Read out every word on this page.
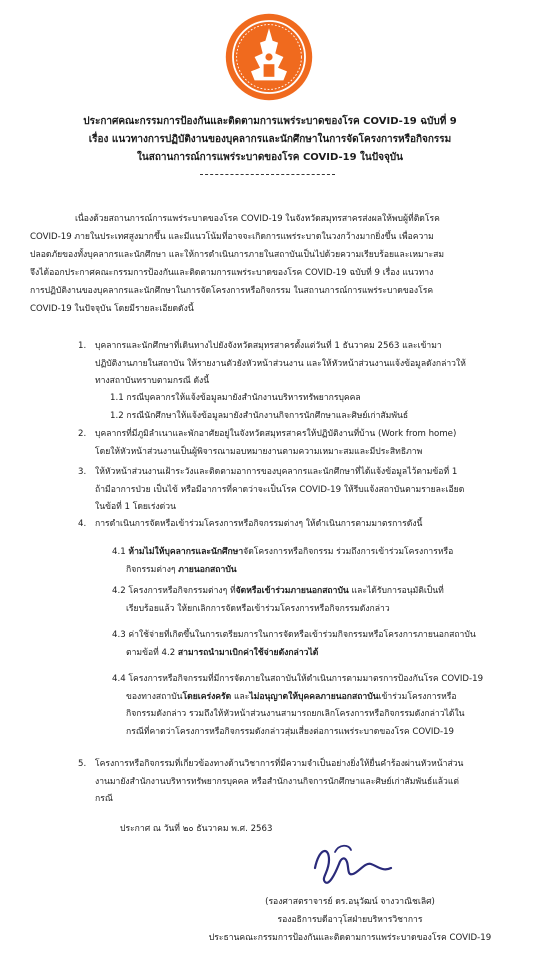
ประกาศคณะกรรมการป้องกันและติดตามการแพร่ระบาดของโรค COVID-19 ฉบับที่ 9
เรื่อง แนวทางการปฏิบัติงานของบุคลากรและนักศึกษาในการจัดโครงการหรือกิจกรรม
ในสถานการณ์การแพร่ระบาดของโรค COVID-19 ในปัจจุบัน
เนื่องด้วยสถานการณ์การแพร่ระบาดของโรค COVID-19 ในจังหวัดสมุทรสาครส่งผลให้พบผู้ที่ติดโรค
COVID-19 ภายในประเทศสูงมากขึ้น และมีแนวโน้มที่อาจจะเกิดการแพร่ระบาดในวงกว้างมากยิ่งขึ้น เพื่อความ
ปลอดภัยของทั้งบุคลากรและนักศึกษา และให้การดำเนินการภายในสถาบันเป็นไปด้วยความเรียบร้อยและเหมาะสม
จึงได้ออกประกาศคณะกรรมการป้องกันและติดตามการแพร่ระบาดของโรค COVID-19 ฉบับที่ 9 เรื่อง แนวทาง
การปฏิบัติงานของบุคลากรและนักศึกษาในการจัดโครงการหรือกิจกรรม ในสถานการณ์การแพร่ระบาดของโรค
COVID-19 ในปัจจุบัน โดยมีรายละเอียดดังนี้
1. บุคลากรและนักศึกษาที่เดินทางไปยังจังหวัดสมุทรสาครตั้งแต่วันที่ 1 ธันวาคม 2563 และเข้ามา
ปฏิบัติงานภายในสถาบัน ให้รายงานตัวยังหัวหน้าส่วนงาน และให้หัวหน้าส่วนงานแจ้งข้อมูลดังกล่าวให้
ทางสถาบันทราบตามกรณี ดังนี้
1.1 กรณีบุคลากรให้แจ้งข้อมูลมายังสำนักงานบริหารทรัพยากรบุคคล
1.2 กรณีนักศึกษาให้แจ้งข้อมูลมายังสำนักงานกิจการนักศึกษาและศิษย์เก่าสัมพันธ์
2. บุคลากรที่มีภูมิลำเนาและพักอาศัยอยู่ในจังหวัดสมุทรสาครให้ปฏิบัติงานที่บ้าน (Work from home)
โดยให้หัวหน้าส่วนงานเป็นผู้พิจารณามอบหมายงานตามความเหมาะสมและมีประสิทธิภาพ
3. ให้หัวหน้าส่วนงานเฝ้าระวังและติดตามอาการของบุคลากรและนักศึกษาที่ได้แจ้งข้อมูลไว้ตามข้อที่ 1
ถ้ามีอาการป่วย เป็นไข้ หรือมีอาการที่คาดว่าจะเป็นโรค COVID-19 ให้รีบแจ้งสถาบันตามรายละเอียด
ในข้อที่ 1 โดยเร่งด่วน
4. การดำเนินการจัดหรือเข้าร่วมโครงการหรือกิจกรรมต่างๆ ให้ดำเนินการตามมาตรการดังนี้
4.1 ห้ามไม่ให้บุคลากรและนักศึกษาจัดโครงการหรือกิจกรรม ร่วมถึงการเข้าร่วมโครงการหรือ
กิจกรรมต่างๆ ภายนอกสถาบัน
4.2 โครงการหรือกิจกรรมต่างๆ ที่จัดหรือเข้าร่วมภายนอกสถาบัน และได้รับการอนุมัติเป็นที่
เรียบร้อยแล้ว ให้ยกเลิกการจัดหรือเข้าร่วมโครงการหรือกิจกรรมดังกล่าว
4.3 ค่าใช้จ่ายที่เกิดขึ้นในการเตรียมการในการจัดหรือเข้าร่วมกิจกรรมหรือโครงการภายนอกสถาบัน
ตามข้อที่ 4.2 สามารถนำมาเบิกค่าใช้จ่ายดังกล่าวได้
4.4 โครงการหรือกิจกรรมที่มีการจัดภายในสถาบันให้ดำเนินการตามมาตรการป้องกันโรค COVID-19
ของทางสถาบันโดยเคร่งครัด และไม่อนุญาตให้บุคคลภายนอกสถาบันเข้าร่วมโครงการหรือ
กิจกรรมดังกล่าว รวมถึงให้หัวหน้าส่วนงานสามารถยกเลิกโครงการหรือกิจกรรมดังกล่าวได้ใน
กรณีที่คาดว่าโครงการหรือกิจกรรมดังกล่าวสุ่มเสี่ยงต่อการแพร่ระบาดของโรค COVID-19
5. โครงการหรือกิจกรรมที่เกี่ยวข้องทางด้านวิชาการที่มีความจำเป็นอย่างยิ่งให้ยื่นคำร้องผ่านหัวหน้าส่วน
งานมายังสำนักงานบริหารทรัพยากรบุคคล หรือสำนักงานกิจการนักศึกษาและศิษย์เก่าสัมพันธ์แล้วแต่
กรณี
ประกาศ ณ วันที่ ๒๐ ธันวาคม พ.ศ. 2563
(รองศาสตราจารย์ ดร.อนุวัฒน์ จางวาณิชเลิศ)
รองอธิการบดีอาวุโสฝ่ายบริหารวิชาการ
ประธานคณะกรรมการป้องกันและติดตามการแพร่ระบาดของโรค COVID-19
